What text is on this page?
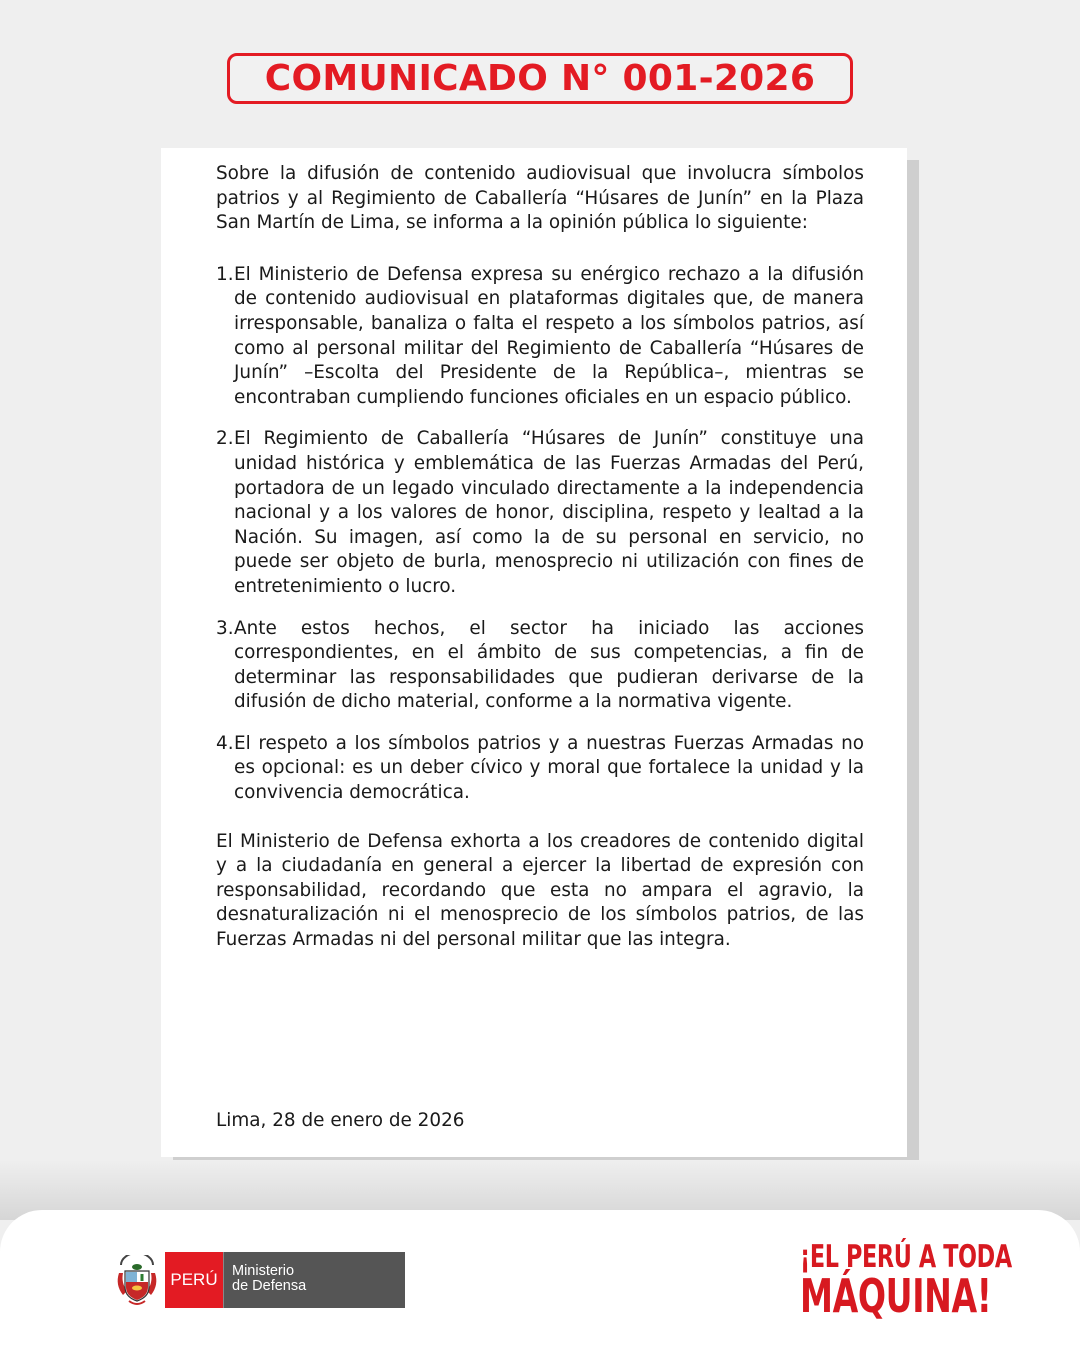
COMUNICADO N° 001-2026

Sobre la difusión de contenido audiovisual que involucra símbolos patrios y al Regimiento de Caballería “Húsares de Junín” en la Plaza San Martín de Lima, se informa a la opinión pública lo siguiente:

1. El Ministerio de Defensa expresa su enérgico rechazo a la difusión de contenido audiovisual en plataformas digitales que, de manera irresponsable, banaliza o falta el respeto a los símbolos patrios, así como al personal militar del Regimiento de Caballería “Húsares de Junín” –Escolta del Presidente de la República–, mientras se encontraban cumpliendo funciones oficiales en un espacio público.
2. El Regimiento de Caballería “Húsares de Junín” constituye una unidad histórica y emblemática de las Fuerzas Armadas del Perú, portadora de un legado vinculado directamente a la independencia nacional y a los valores de honor, disciplina, respeto y lealtad a la Nación. Su imagen, así como la de su personal en servicio, no puede ser objeto de burla, menosprecio ni utilización con fines de entretenimiento o lucro.
3. Ante estos hechos, el sector ha iniciado las acciones correspondientes, en el ámbito de sus competencias, a fin de determinar las responsabilidades que pudieran derivarse de la difusión de dicho material, conforme a la normativa vigente.
4. El respeto a los símbolos patrios y a nuestras Fuerzas Armadas no es opcional: es un deber cívico y moral que fortalece la unidad y la convivencia democrática.

El Ministerio de Defensa exhorta a los creadores de contenido digital y a la ciudadanía en general a ejercer la libertad de expresión con responsabilidad, recordando que esta no ampara el agravio, la desnaturalización ni el menosprecio de los símbolos patrios, de las Fuerzas Armadas ni del personal militar que las integra.

Lima, 28 de enero de 2026
PERÚ Ministerio
de Defensa
¡EL PERÚ A TODA
MÁQUINA!
